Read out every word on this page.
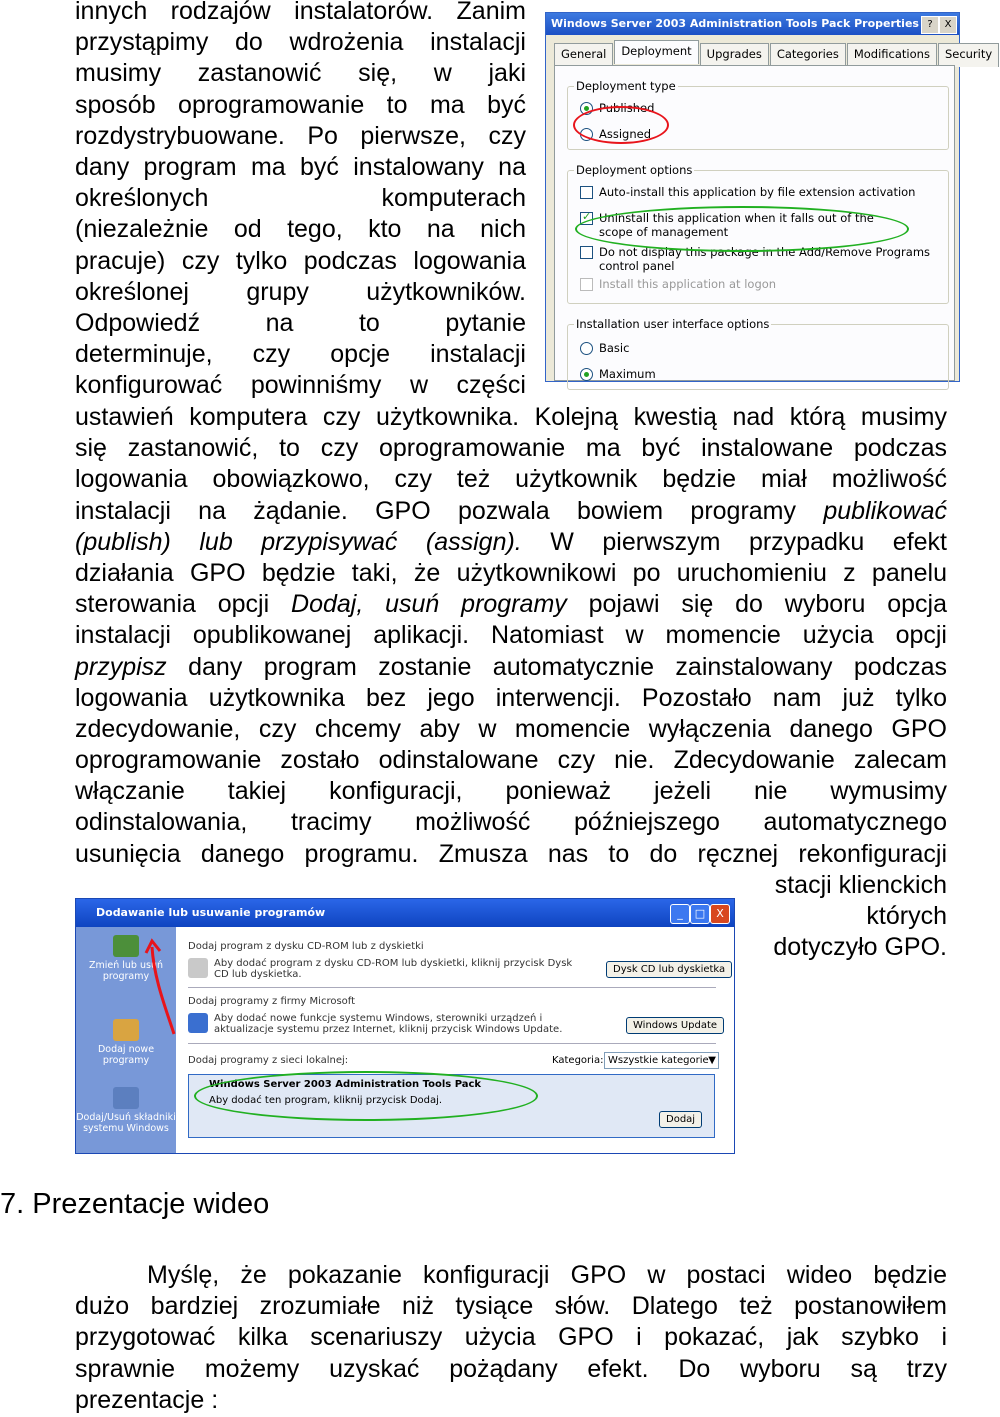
innych rodzajów instalatorów. Zanim
przystąpimy do wdrożenia instalacji
musimy zastanowić się, w jaki
sposób oprogramowanie to ma być
rozdystrybuowane. Po pierwsze, czy
dany program ma być instalowany na
określonych komputerach
(niezależnie od tego, kto na nich
pracuje) czy tylko podczas logowania
określonej grupy użytkowników.
Odpowiedź na to pytanie
determinuje, czy opcje instalacji
konfigurować powinniśmy w części
Windows Server 2003 Administration Tools Pack Properties ?	X
General	Deployment	Upgrades	Categories	Modifications	Security
Deployment type
Published
Assigned
Deployment options
Auto-install this application by file extension activation
✓
Uninstall this application when it falls out of the scope of management
Do not display this package in the Add/Remove Programs control panel
Install this application at logon
Installation user interface options
Basic
Maximum
ustawień komputera czy użytkownika. Kolejną kwestią nad którą musimy
się zastanowić, to czy oprogramowanie ma być instalowane podczas
logowania obowiązkowo, czy też użytkownik będzie miał możliwość
instalacji na żądanie. GPO pozwala bowiem programy publikować
(publish) lub przypisywać (assign). W pierwszym przypadku efekt
działania GPO będzie taki, że użytkownikowi po uruchomieniu z panelu
sterowania opcji Dodaj, usuń programy pojawi się do wyboru opcja
instalacji opublikowanej aplikacji. Natomiast w momencie użycia opcji
przypisz dany program zostanie automatycznie zainstalowany podczas
logowania użytkownika bez jego interwencji. Pozostało nam już tylko
zdecydowanie, czy chcemy aby w momencie wyłączenia danego GPO
oprogramowanie zostało odinstalowane czy nie. Zdecydowanie zalecam
włączanie takiej konfiguracji, ponieważ jeżeli nie wymusimy
odinstalowania, tracimy możliwość późniejszego automatycznego
usunięcia danego programu. Zmusza nas to do ręcznej rekonfiguracji
Dodawanie lub usuwanie programów	_	□	X
Zmień lub usuń programy
Dodaj nowe programy
Dodaj/Usuń składniki systemu Windows
Dodaj program z dysku CD-ROM lub z dyskietki
Aby dodać program z dysku CD-ROM lub dyskietki, kliknij przycisk Dysk CD lub dyskietka.	Dysk CD lub dyskietka
Dodaj programy z firmy Microsoft
Aby dodać nowe funkcje systemu Windows, sterowniki urządzeń i aktualizacje systemu przez Internet, kliknij przycisk Windows Update.	Windows Update
Dodaj programy z sieci lokalnej:	Kategoria: Wszystkie kategorie ▼
Windows Server 2003 Administration Tools Pack
Aby dodać ten program, kliknij przycisk Dodaj.
Dodaj
stacji klienckich
których
dotyczyło GPO.
7. Prezentacje wideo
Myślę, że pokazanie konfiguracji GPO w postaci wideo będzie
dużo bardziej zrozumiałe niż tysiące słów. Dlatego też postanowiłem
przygotować kilka scenariuszy użycia GPO i pokazać, jak szybko i
sprawnie możemy uzyskać pożądany efekt. Do wyboru są trzy
prezentacje :
